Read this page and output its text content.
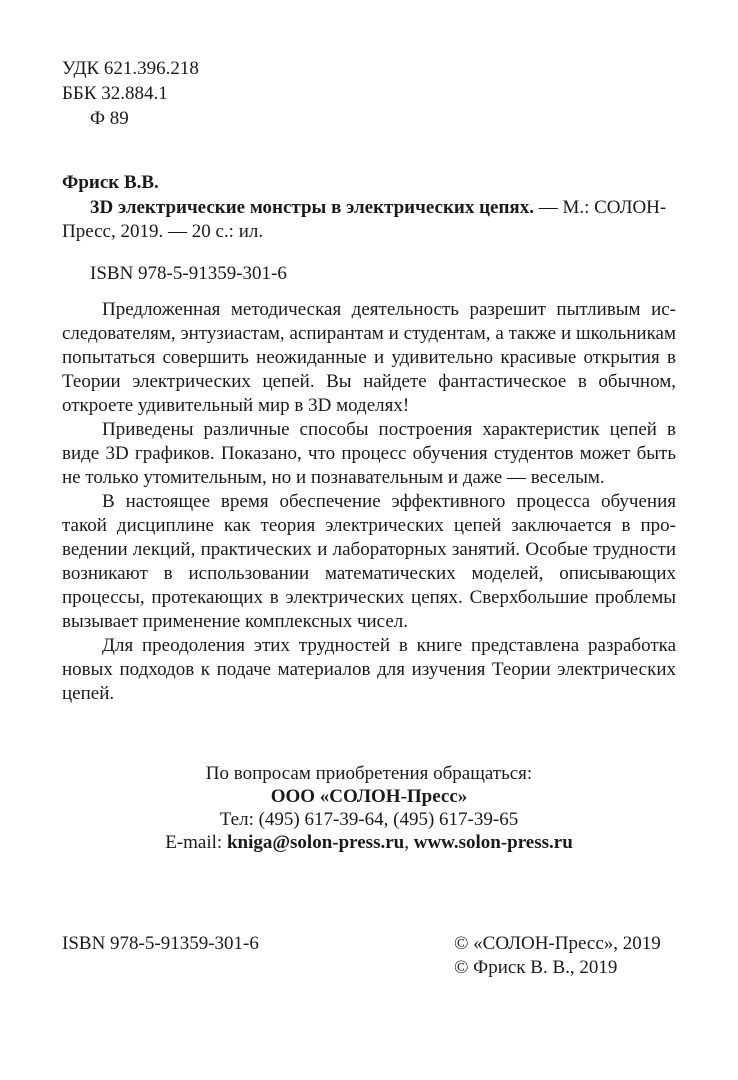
УДК 621.396.218
ББК 32.884.1
Ф 89
Фриск В.В.
3D электрические монстры в электрических цепях. — М.: СОЛОН-
Пресс, 2019. — 20 с.: ил.
ISBN 978-5-91359-301-6

Предложенная методическая деятельность разрешит пытливым исследователям, энтузиастам, аспирантам и студентам, а также и школьникам попытаться совершить неожиданные и удивительно красивые открытия в Теории электрических цепей. Вы найдете фантастическое в обычном, откроете удивительный мир в 3D моделях!

Приведены различные способы построения характеристик цепей в виде 3D графиков. Показано, что процесс обучения студентов может быть не только утомительным, но и познавательным и даже — веселым.

В настоящее время обеспечение эффективного процесса обучения такой дисциплине как теория электрических цепей заключается в проведении лекций, практических и лабораторных занятий. Особые трудности возникают в использовании математических моделей, описывающих процессы, протекающих в электрических цепях. Сверхбольшие проблемы вызывает применение комплексных чисел.

Для преодоления этих трудностей в книге представлена разработка новых подходов к подаче материалов для изучения Теории электрических цепей.

По вопросам приобретения обращаться:
ООО «СОЛОН-Пресс»
Тел: (495) 617-39-64, (495) 617-39-65
E-mail: kniga@solon-press.ru, www.solon-press.ru
ISBN 978-5-91359-301-6	© «СОЛОН-Пресс», 2019
© Фриск В. В., 2019
